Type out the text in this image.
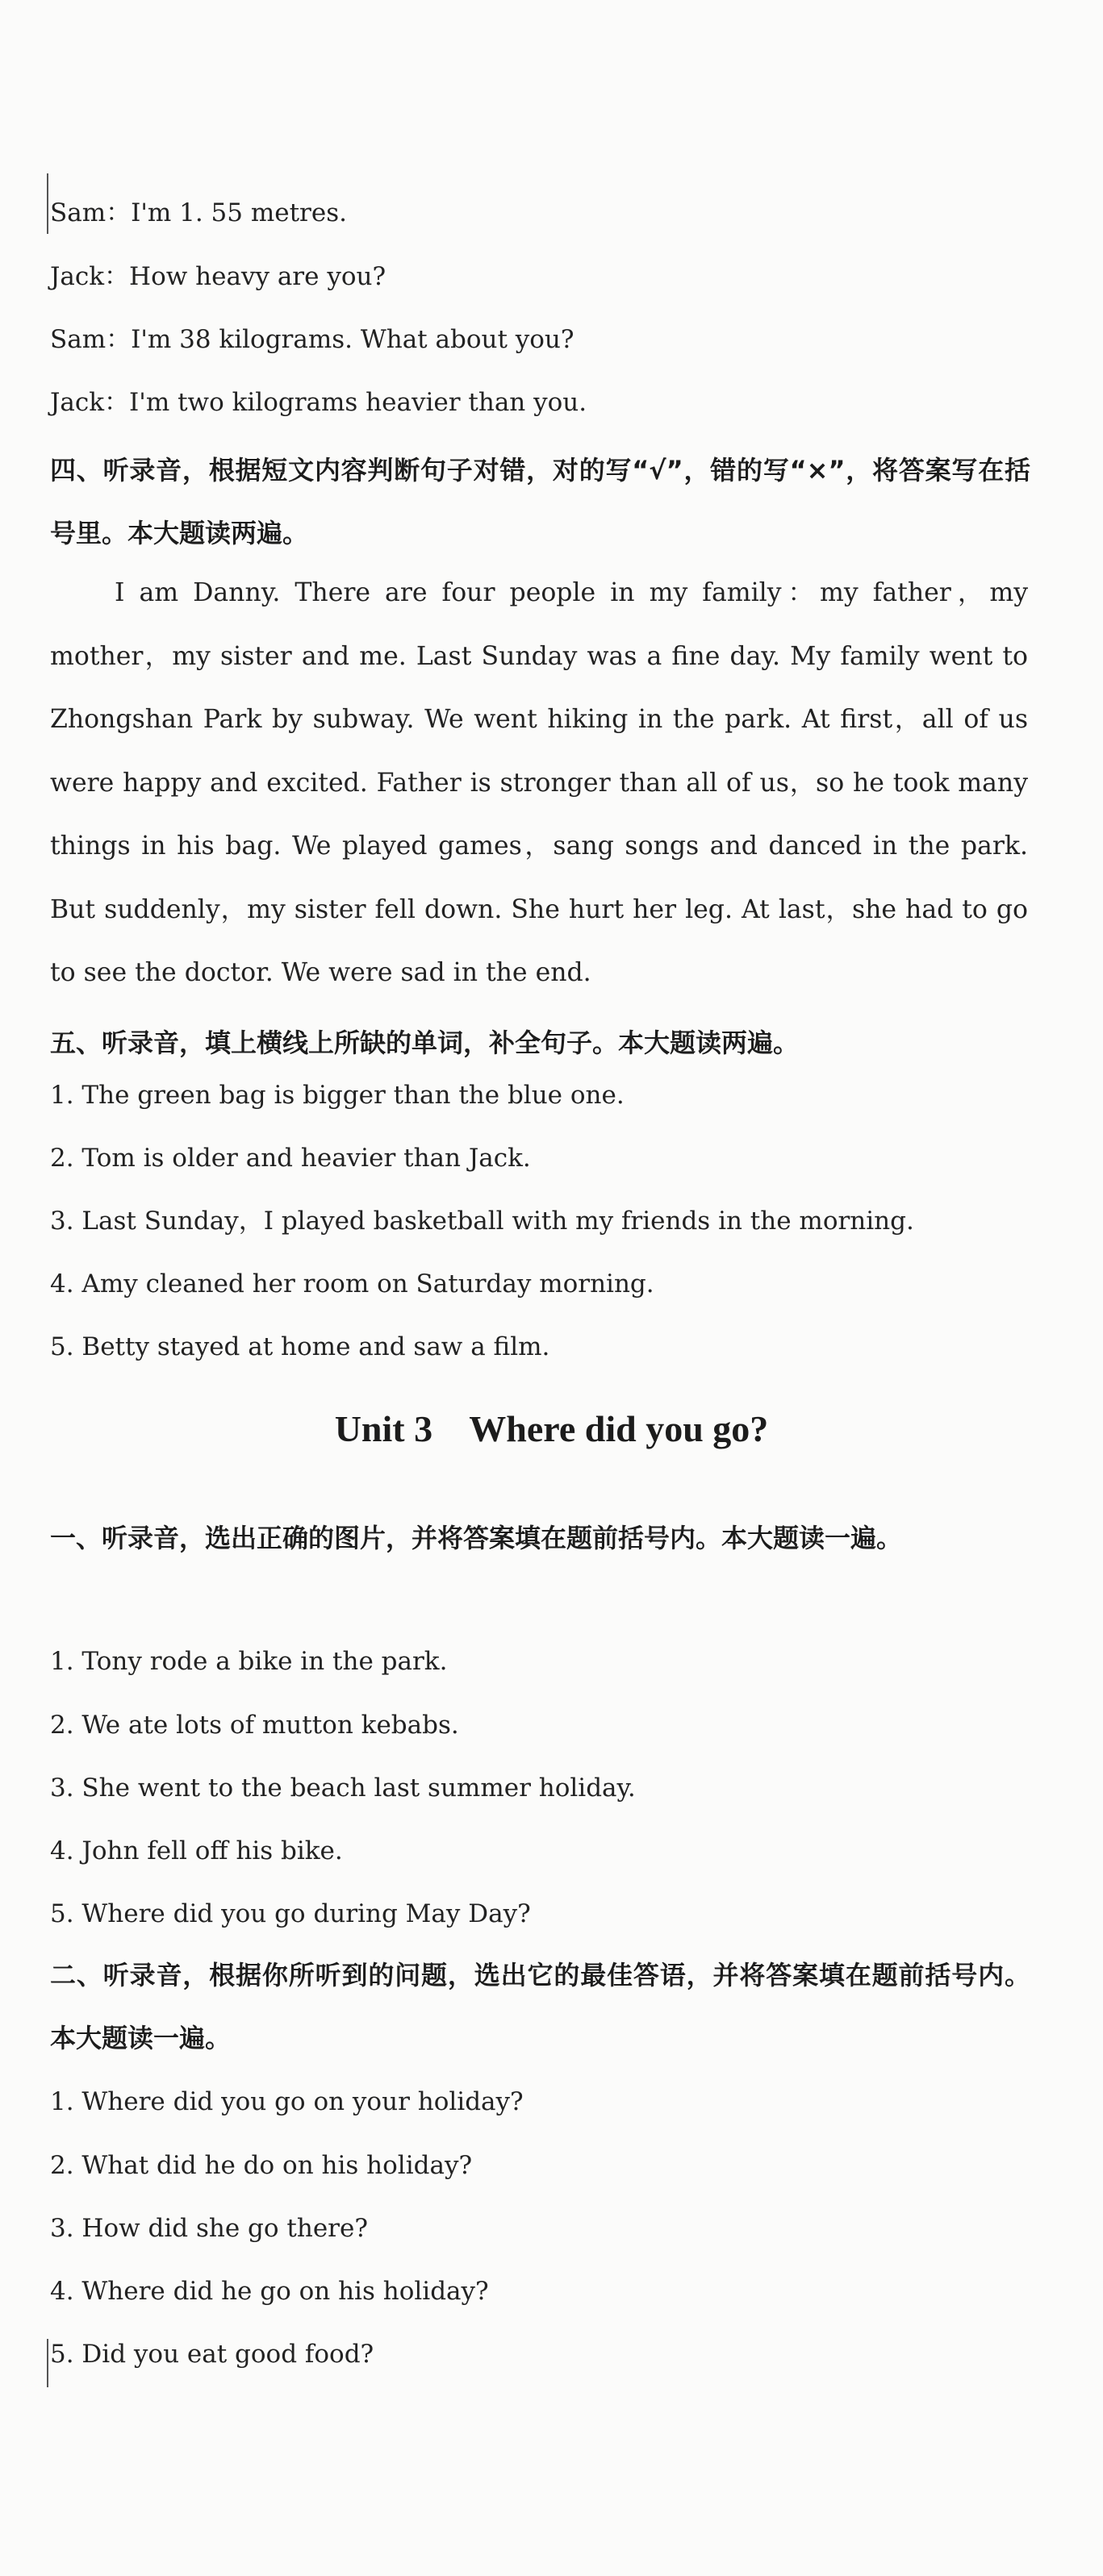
Sam：I'm 1. 55 metres.
Jack：How heavy are you?
Sam：I'm 38 kilograms. What about you?
Jack：I'm two kilograms heavier than you.
四、听录音，根据短文内容判断句子对错，对的写“√”，错的写“×”，将答案写在括号里。本大题读两遍。
I am Danny. There are four people in my family：my father，my mother，my sister and me. Last Sunday was a fine day. My family went to Zhongshan Park by subway. We went hiking in the park. At first，all of us were happy and excited. Father is stronger than all of us，so he took many things in his bag. We played games，sang songs and danced in the park. But suddenly，my sister fell down. She hurt her leg. At last，she had to go to see the doctor. We were sad in the end.
五、听录音，填上横线上所缺的单词，补全句子。本大题读两遍。
1. The green bag is bigger than the blue one.
2. Tom is older and heavier than Jack.
3. Last Sunday，I played basketball with my friends in the morning.
4. Amy cleaned her room on Saturday morning.
5. Betty stayed at home and saw a film.
Unit 3    Where did you go?
一、听录音，选出正确的图片，并将答案填在题前括号内。本大题读一遍。
1. Tony rode a bike in the park.
2. We ate lots of mutton kebabs.
3. She went to the beach last summer holiday.
4. John fell off his bike.
5. Where did you go during May Day?
二、听录音，根据你所听到的问题，选出它的最佳答语，并将答案填在题前括号内。本大题读一遍。
1. Where did you go on your holiday?
2. What did he do on his holiday?
3. How did she go there?
4. Where did he go on his holiday?
5. Did you eat good food?
